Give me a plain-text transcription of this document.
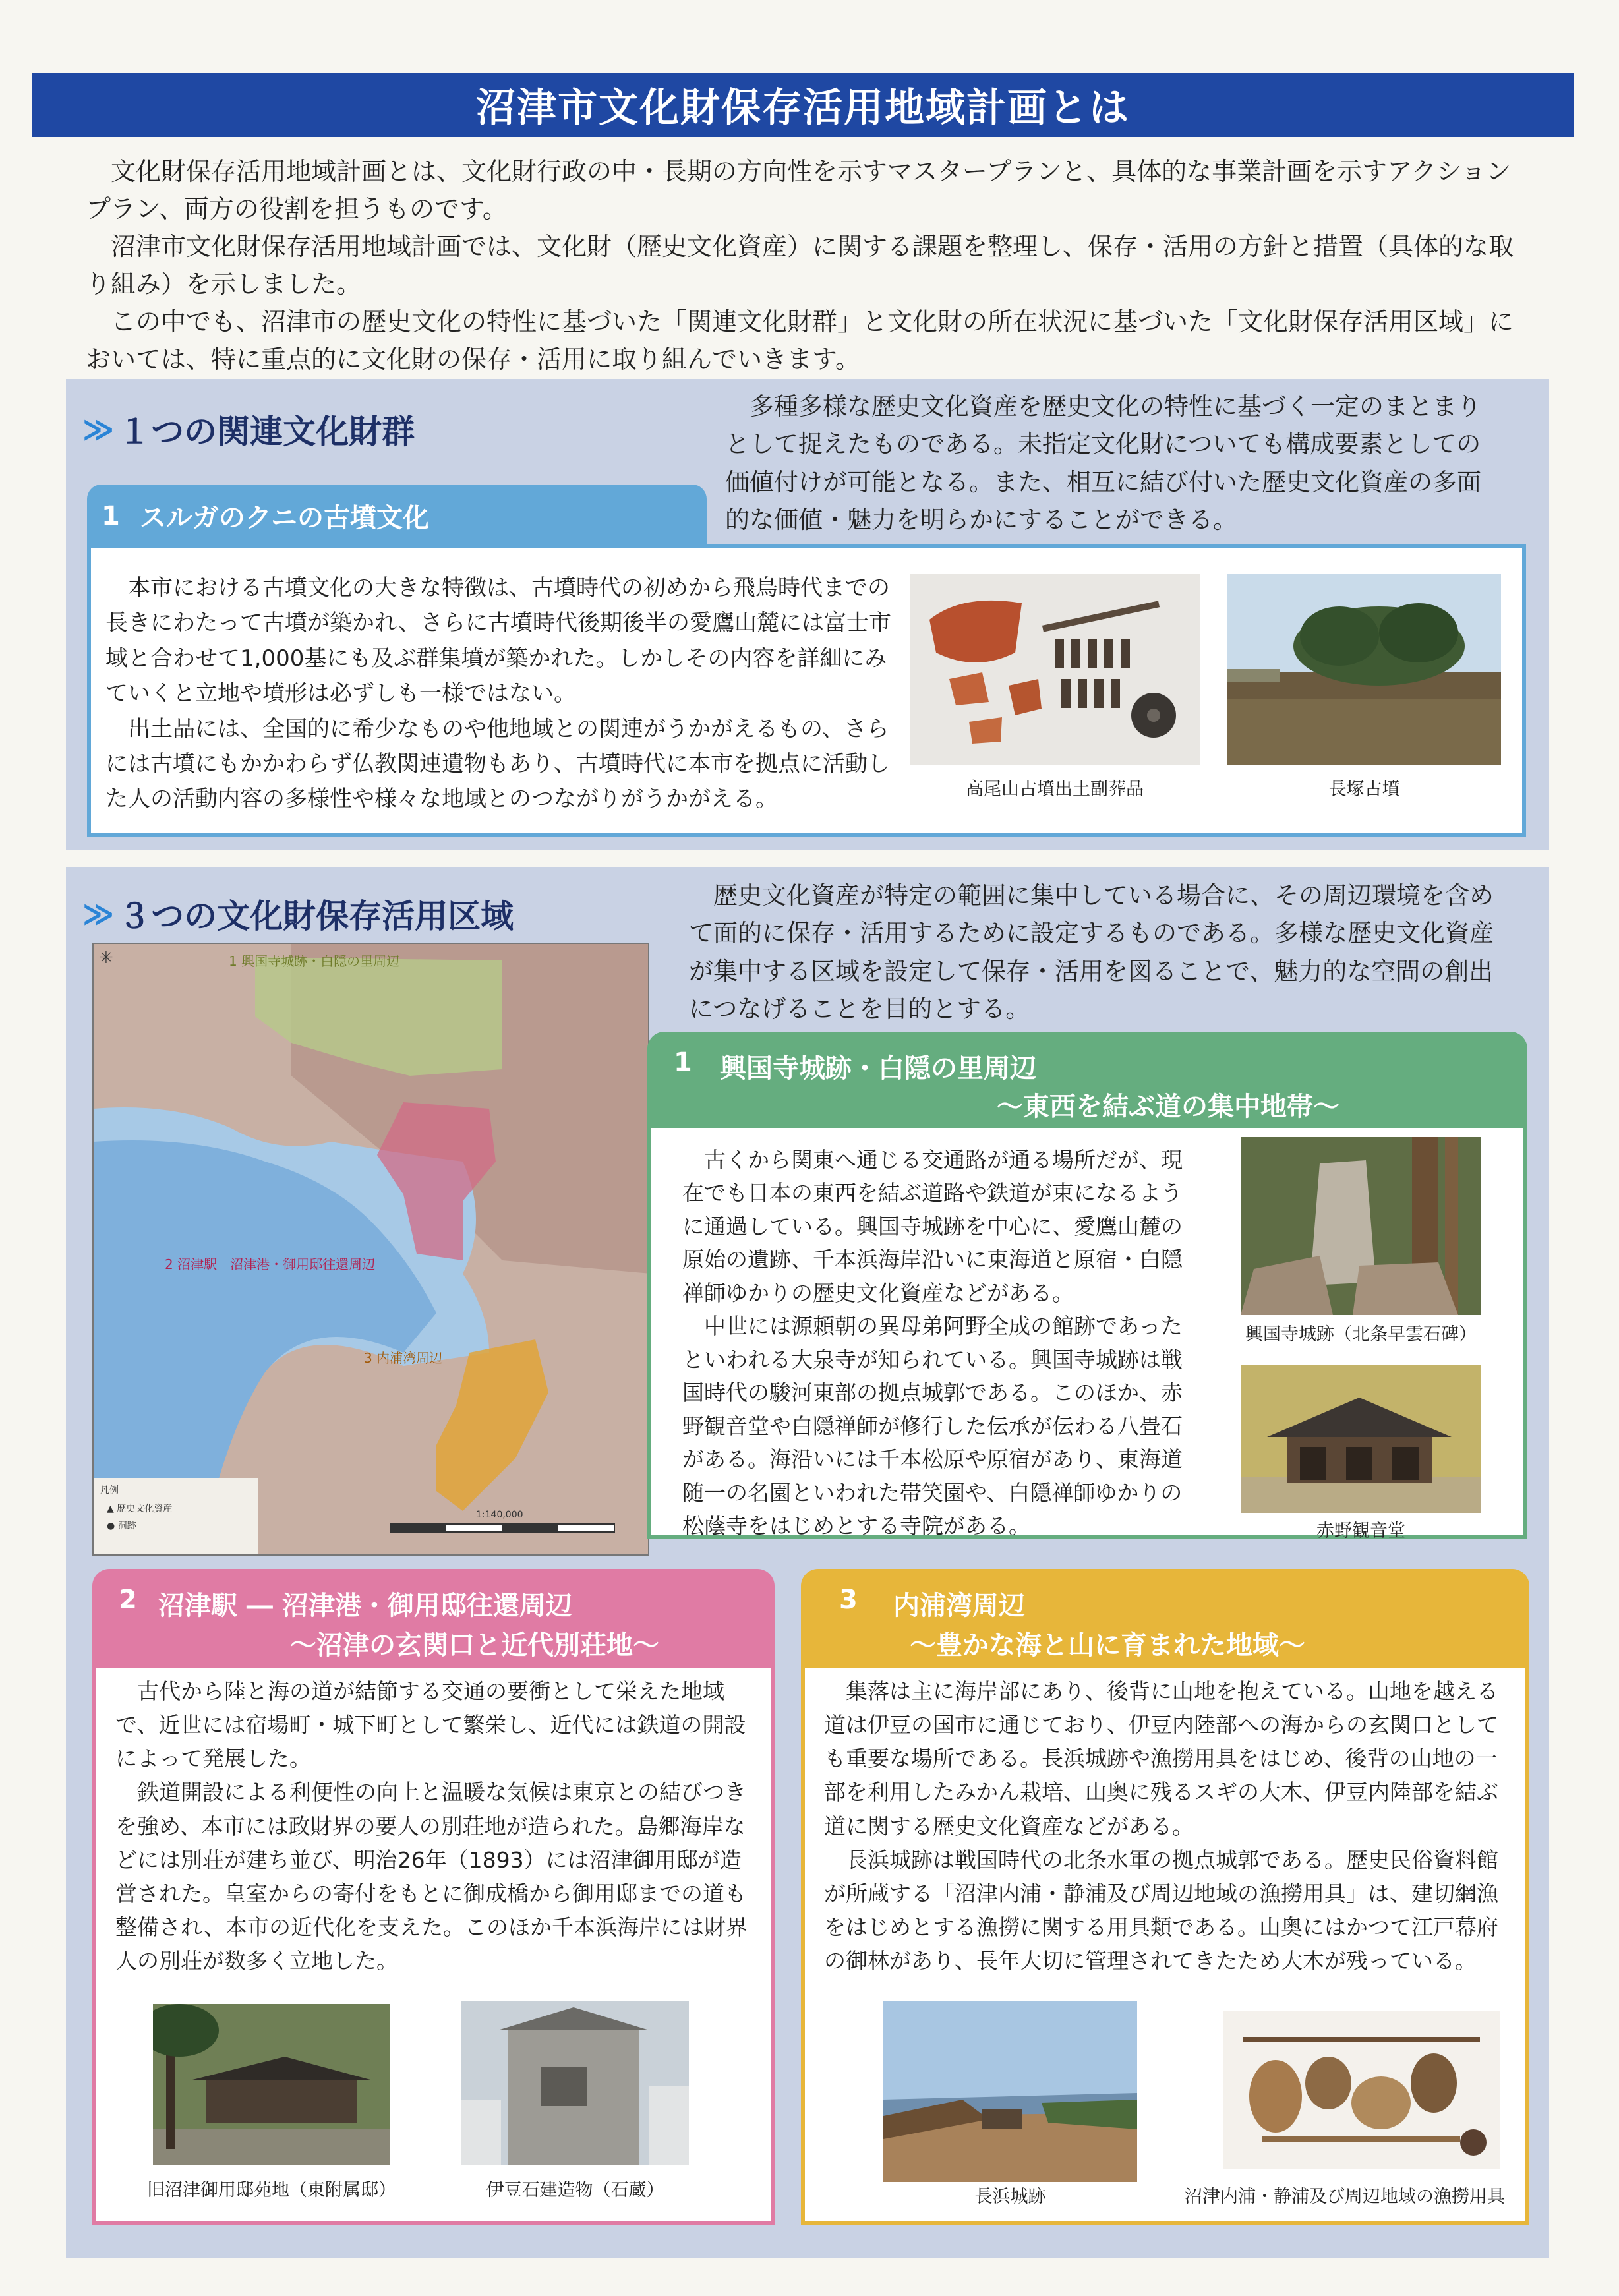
沼津市文化財保存活用地域計画とは

文化財保存活用地域計画とは、文化財行政の中・長期の方向性を示すマスタープランと、具体的な事業計画を示すアクションプラン、両方の役割を担うものです。

沼津市文化財保存活用地域計画では、文化財（歴史文化資産）に関する課題を整理し、保存・活用の方針と措置（具体的な取り組み）を示しました。

この中でも、沼津市の歴史文化の特性に基づいた「関連文化財群」と文化財の所在状況に基づいた「文化財保存活用区域」においては、特に重点的に文化財の保存・活用に取り組んでいきます。

≫ １つの関連文化財群

多種多様な歴史文化資産を歴史文化の特性に基づく一定のまとまりとして捉えたものである。未指定文化財についても構成要素としての価値付けが可能となる。また、相互に結び付いた歴史文化資産の多面的な価値・魅力を明らかにすることができる。

1 スルガのクニの古墳文化

本市における古墳文化の大きな特徴は、古墳時代の初めから飛鳥時代までの長きにわたって古墳が築かれ、さらに古墳時代後期後半の愛鷹山麓には富士市域と合わせて1,000基にも及ぶ群集墳が築かれた。しかしその内容を詳細にみていくと立地や墳形は必ずしも一様ではない。

出土品には、全国的に希少なものや他地域との関連がうかがえるもの、さらには古墳にもかかわらず仏教関連遺物もあり、古墳時代に本市を拠点に活動した人の活動内容の多様性や様々な地域とのつながりがうかがえる。	高尾山古墳出土副葬品	長塚古墳
≫ ３つの文化財保存活用区域

歴史文化資産が特定の範囲に集中している場合に、その周辺環境を含めて面的に保存・活用するために設定するものである。多様な歴史文化資産が集中する区域を設定して保存・活用を図ることで、魅力的な空間の創出につなげることを目的とする。

1 興国寺城跡・白隠の里周辺
2 沼津駅－沼津港・御用邸往還周辺
3 内浦湾周辺
✳
凡例
▲ 歴史文化資産
● 洞跡
1:140,000
1 興国寺城跡・白隠の里周辺
～東西を結ぶ道の集中地帯～

古くから関東へ通じる交通路が通る場所だが、現在でも日本の東西を結ぶ道路や鉄道が束になるように通過している。興国寺城跡を中心に、愛鷹山麓の原始の遺跡、千本浜海岸沿いに東海道と原宿・白隠禅師ゆかりの歴史文化資産などがある。

中世には源頼朝の異母弟阿野全成の館跡であったといわれる大泉寺が知られている。興国寺城跡は戦国時代の駿河東部の拠点城郭である。このほか、赤野観音堂や白隠禅師が修行した伝承が伝わる八畳石がある。海沿いには千本松原や原宿があり、東海道随一の名園といわれた帯笑園や、白隠禅師ゆかりの松蔭寺をはじめとする寺院がある。

興国寺城跡（北条早雲石碑）
赤野観音堂
2 沼津駅 ― 沼津港・御用邸往還周辺
～沼津の玄関口と近代別荘地～

古代から陸と海の道が結節する交通の要衝として栄えた地域で、近世には宿場町・城下町として繁栄し、近代には鉄道の開設によって発展した。

鉄道開設による利便性の向上と温暖な気候は東京との結びつきを強め、本市には政財界の要人の別荘地が造られた。島郷海岸などには別荘が建ち並び、明治26年（1893）には沼津御用邸が造営された。皇室からの寄付をもとに御成橋から御用邸までの道も整備され、本市の近代化を支えた。このほか千本浜海岸には財界人の別荘が数多く立地した。

旧沼津御用邸苑地（東附属邸）	伊豆石建造物（石蔵）
3 内浦湾周辺
～豊かな海と山に育まれた地域～

集落は主に海岸部にあり、後背に山地を抱えている。山地を越える道は伊豆の国市に通じており、伊豆内陸部への海からの玄関口としても重要な場所である。長浜城跡や漁撈用具をはじめ、後背の山地の一部を利用したみかん栽培、山奥に残るスギの大木、伊豆内陸部を結ぶ道に関する歴史文化資産などがある。

長浜城跡は戦国時代の北条水軍の拠点城郭である。歴史民俗資料館が所蔵する「沼津内浦・静浦及び周辺地域の漁撈用具」は、建切網漁をはじめとする漁撈に関する用具類である。山奥にはかつて江戸幕府の御林があり、長年大切に管理されてきたため大木が残っている。

長浜城跡	沼津内浦・静浦及び周辺地域の漁撈用具
